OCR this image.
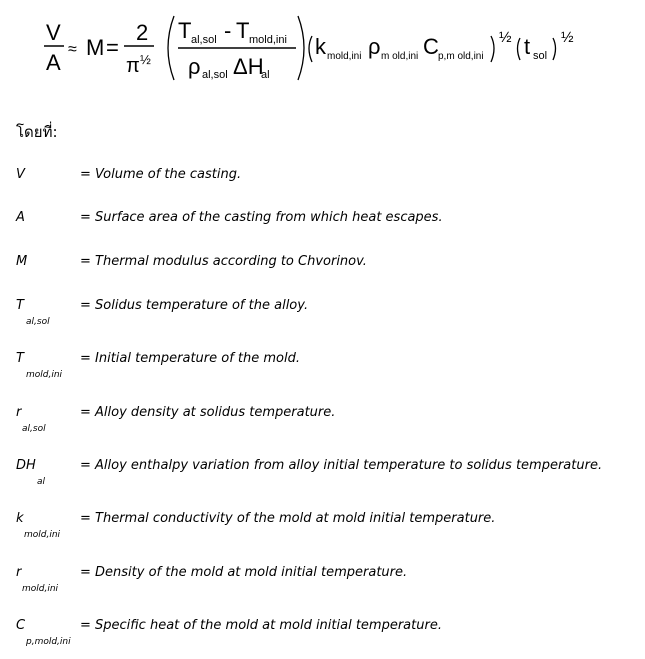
V
A
≈ M =
2
π ½
T al,sol - T mold,ini
ρ al,sol ΔH
al
k mold,ini ρ m old,ini C p,m old,ini
½ t sol
½
โดยที่:
V	= Volume of the casting.
A	= Surface area of the casting from which heat escapes.
M	= Thermal modulus according to Chvorinov.
T
al,sol
= Solidus temperature of the alloy.
T
mold,ini
= Initial temperature of the mold.
r
al,sol
= Alloy density at solidus temperature.
DH
al
= Alloy enthalpy variation from alloy initial temperature to solidus temperature.
k
mold,ini
= Thermal conductivity of the mold at mold initial temperature.
r
mold,ini
= Density of the mold at mold initial temperature.
C
p,mold,ini
= Specific heat of the mold at mold initial temperature.
